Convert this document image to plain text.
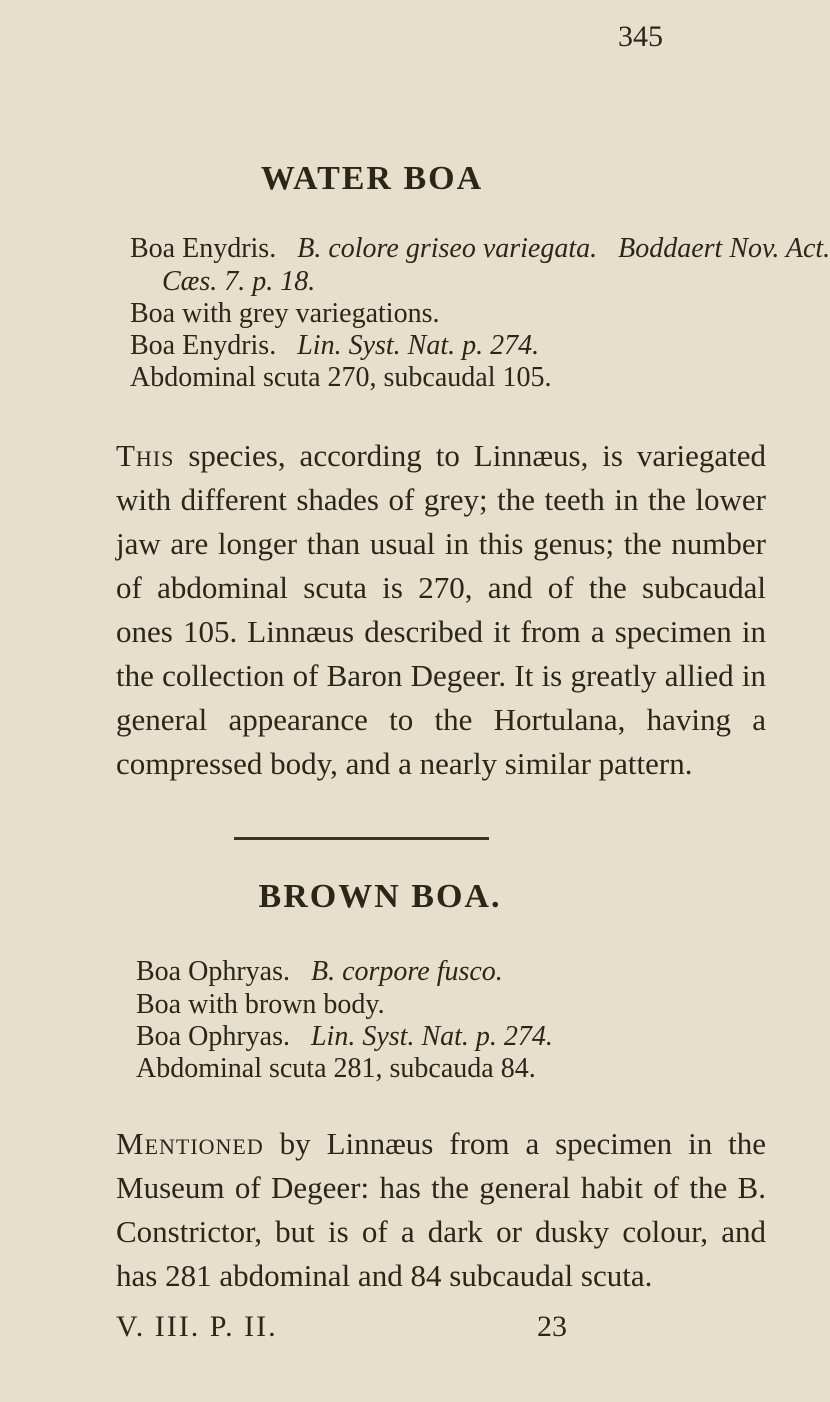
345
WATER BOA
Boa Enydris. B. colore griseo variegata. Boddaert Nov. Act.
Cæs. 7. p. 18.
Boa with grey variegations.
Boa Enydris. Lin. Syst. Nat. p. 274.
Abdominal scuta 270, subcaudal 105.
This species, according to Linnæus, is variegated with different shades of grey; the teeth in the lower jaw are longer than usual in this genus; the number of abdominal scuta is 270, and of the subcaudal ones 105. Linnæus described it from a specimen in the collection of Baron Degeer. It is greatly allied in general appearance to the Hortulana, having a compressed body, and a nearly similar pattern.
BROWN BOA.
Boa Ophryas. B. corpore fusco.
Boa with brown body.
Boa Ophryas. Lin. Syst. Nat. p. 274.
Abdominal scuta 281, subcauda 84.
Mentioned by Linnæus from a specimen in the Museum of Degeer: has the general habit of the B. Constrictor, but is of a dark or dusky colour, and has 281 abdominal and 84 subcaudal scuta.
V. III. P. II.	23
